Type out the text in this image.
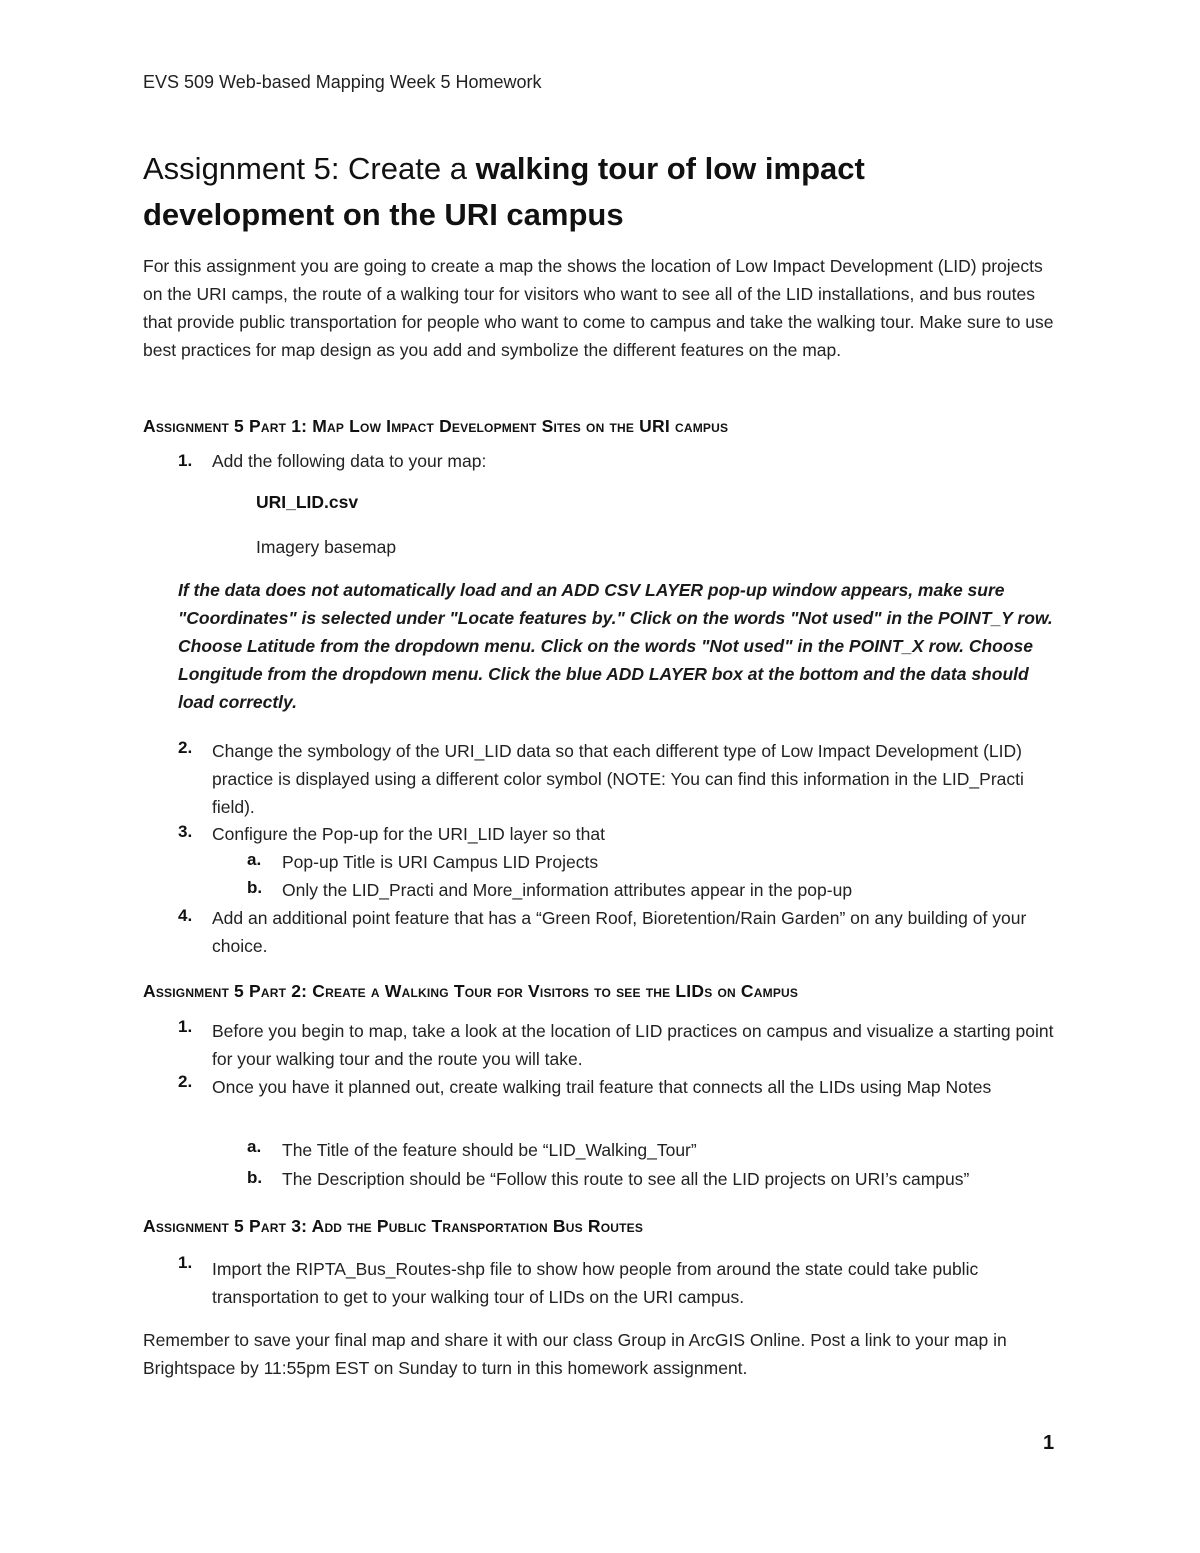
EVS 509 Web-based Mapping Week 5 Homework
Assignment 5: Create a walking tour of low impact
development on the URI campus
For this assignment you are going to create a map the shows the location of Low Impact Development (LID) projects on the URI camps, the route of a walking tour for visitors who want to see all of the LID installations, and bus routes that provide public transportation for people who want to come to campus and take the walking tour. Make sure to use best practices for map design as you add and symbolize the different features on the map.
Assignment 5 Part 1: Map Low Impact Development Sites on the URI campus
1. Add the following data to your map:
URI_LID.csv
Imagery basemap
If the data does not automatically load and an ADD CSV LAYER pop-up window appears, make sure "Coordinates" is selected under "Locate features by." Click on the words "Not used" in the POINT_Y row. Choose Latitude from the dropdown menu. Click on the words "Not used" in the POINT_X row. Choose Longitude from the dropdown menu. Click the blue ADD LAYER box at the bottom and the data should load correctly.
2. Change the symbology of the URI_LID data so that each different type of Low Impact Development (LID) practice is displayed using a different color symbol (NOTE: You can find this information in the LID_Practi field).
3. Configure the Pop-up for the URI_LID layer so that
a. Pop-up Title is URI Campus LID Projects
b. Only the LID_Practi and More_information attributes appear in the pop-up
4. Add an additional point feature that has a “Green Roof, Bioretention/Rain Garden” on any building of your choice.
Assignment 5 Part 2: Create a Walking Tour for Visitors to see the LIDs on Campus
1. Before you begin to map, take a look at the location of LID practices on campus and visualize a starting point for your walking tour and the route you will take.
2. Once you have it planned out, create walking trail feature that connects all the LIDs using Map Notes
a. The Title of the feature should be “LID_Walking_Tour”
b. The Description should be “Follow this route to see all the LID projects on URI’s campus”
Assignment 5 Part 3: Add the Public Transportation Bus Routes
1. Import the RIPTA_Bus_Routes-shp file to show how people from around the state could take public transportation to get to your walking tour of LIDs on the URI campus.
Remember to save your final map and share it with our class Group in ArcGIS Online. Post a link to your map in Brightspace by 11:55pm EST on Sunday to turn in this homework assignment.
1
